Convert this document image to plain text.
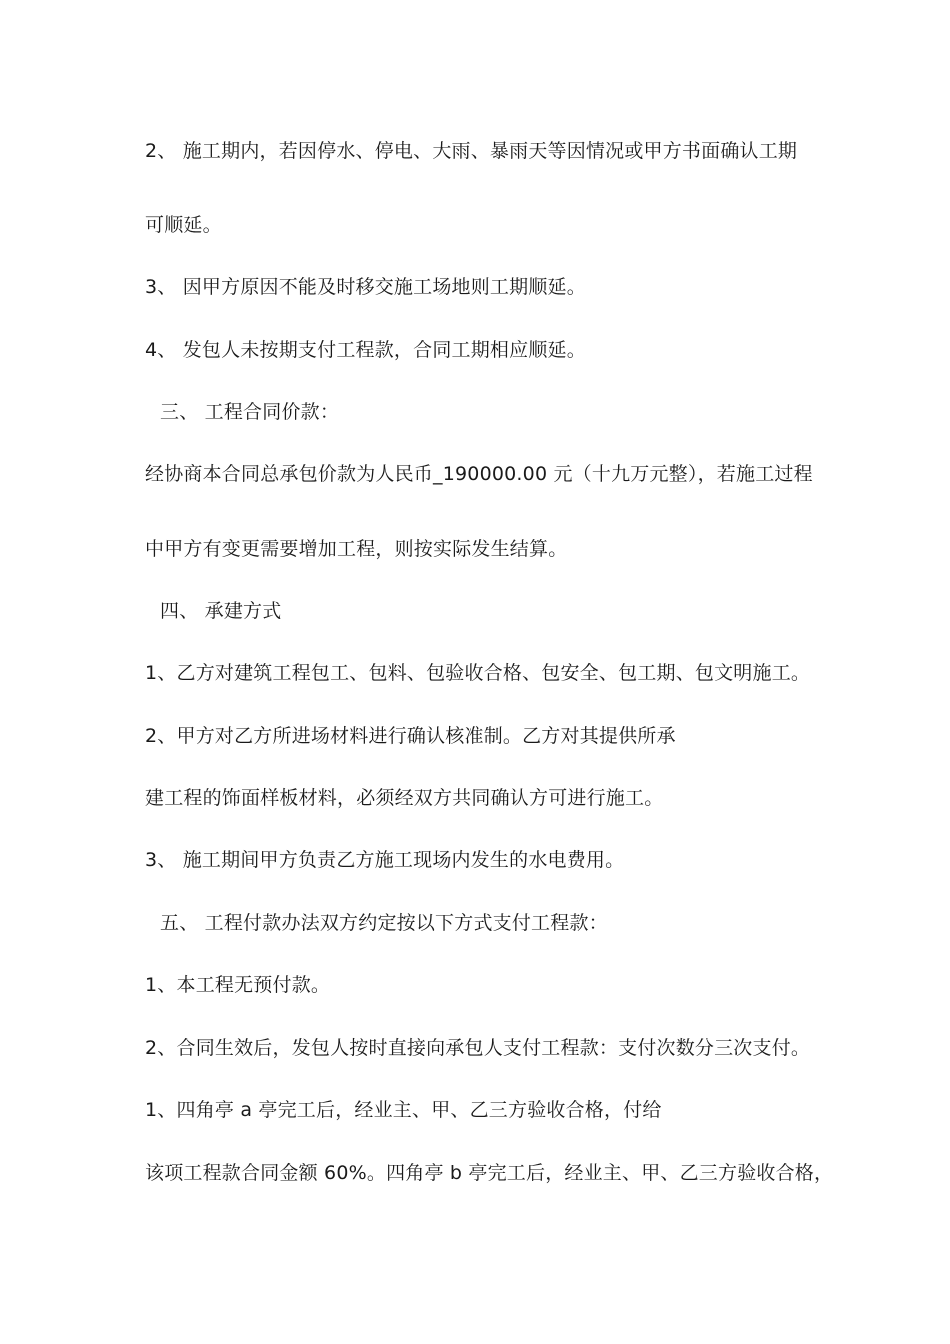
2、 施工期内，若因停水、停电、大雨、暴雨天等因情况或甲方书面确认工期
可顺延。
3、 因甲方原因不能及时移交施工场地则工期顺延。
4、 发包人未按期支付工程款，合同工期相应顺延。
三、 工程合同价款：
经协商本合同总承包价款为人民币_190000.00 元（十九万元整），若施工过程
中甲方有变更需要增加工程，则按实际发生结算。
四、 承建方式
1、乙方对建筑工程包工、包料、包验收合格、包安全、包工期、包文明施工。
2、甲方对乙方所进场材料进行确认核准制。乙方对其提供所承
建工程的饰面样板材料，必须经双方共同确认方可进行施工。
3、 施工期间甲方负责乙方施工现场内发生的水电费用。
五、 工程付款办法双方约定按以下方式支付工程款：
1、本工程无预付款。
2、合同生效后，发包人按时直接向承包人支付工程款：支付次数分三次支付。
1、四角亭 a 亭完工后，经业主、甲、乙三方验收合格，付给
该项工程款合同金额 60%。四角亭 b 亭完工后，经业主、甲、乙三方验收合格，
